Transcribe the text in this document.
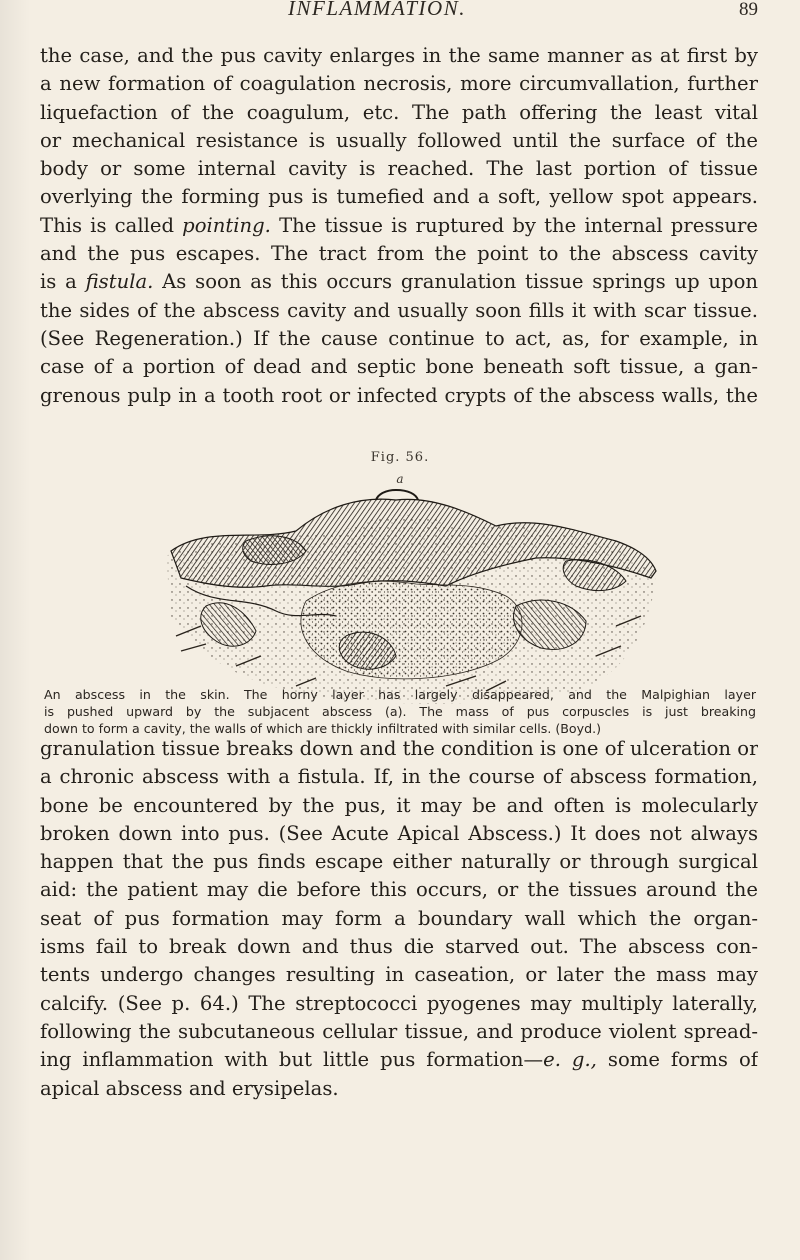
INFLAMMATION.	89
the case, and the pus cavity enlarges in the same manner as at first by
a new formation of coagulation necrosis, more circumvallation, further
liquefaction of the coagulum, etc. The path offering the least vital
or mechanical resistance is usually followed until the surface of the
body or some internal cavity is reached. The last portion of tissue
overlying the forming pus is tumefied and a soft, yellow spot appears.
This is called pointing. The tissue is ruptured by the internal pressure
and the pus escapes. The tract from the point to the abscess cavity
is a fistula. As soon as this occurs granulation tissue springs up upon
the sides of the abscess cavity and usually soon fills it with scar tissue.
(See Regeneration.) If the cause continue to act, as, for example, in
case of a portion of dead and septic bone beneath soft tissue, a gan-
grenous pulp in a tooth root or infected crypts of the abscess walls, the
Fig. 56.
a
An abscess in the skin. The horny layer has largely disappeared, and the Malpighian layer
is pushed upward by the subjacent abscess (a). The mass of pus corpuscles is just breaking
down to form a cavity, the walls of which are thickly infiltrated with similar cells. (Boyd.)
granulation tissue breaks down and the condition is one of ulceration or
a chronic abscess with a fistula. If, in the course of abscess formation,
bone be encountered by the pus, it may be and often is molecularly
broken down into pus. (See Acute Apical Abscess.) It does not always
happen that the pus finds escape either naturally or through surgical
aid: the patient may die before this occurs, or the tissues around the
seat of pus formation may form a boundary wall which the organ-
isms fail to break down and thus die starved out. The abscess con-
tents undergo changes resulting in caseation, or later the mass may
calcify. (See p. 64.) The streptococci pyogenes may multiply laterally,
following the subcutaneous cellular tissue, and produce violent spread-
ing inflammation with but little pus formation—e. g., some forms of
apical abscess and erysipelas.
